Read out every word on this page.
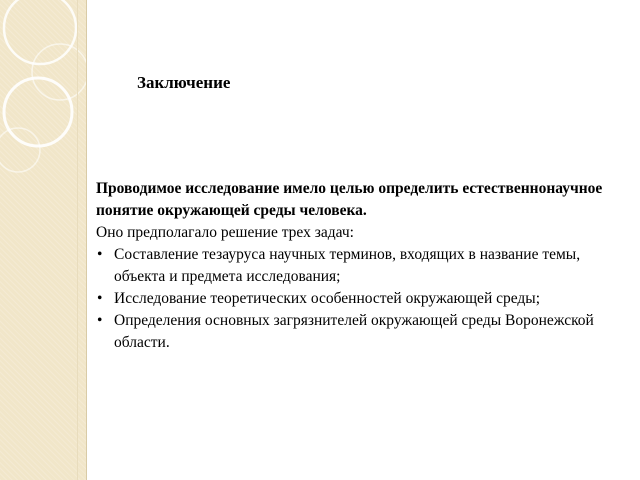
Заключение

Проводимое исследование имело целью определить естественнонаучное понятие окружающей среды человека.

Оно предполагало решение трех задач:

• Составление тезауруса научных терминов, входящих в название темы, объекта и предмета исследования;
• Исследование теоретических особенностей окружающей среды;
• Определения основных загрязнителей окружающей среды Воронежской области.
